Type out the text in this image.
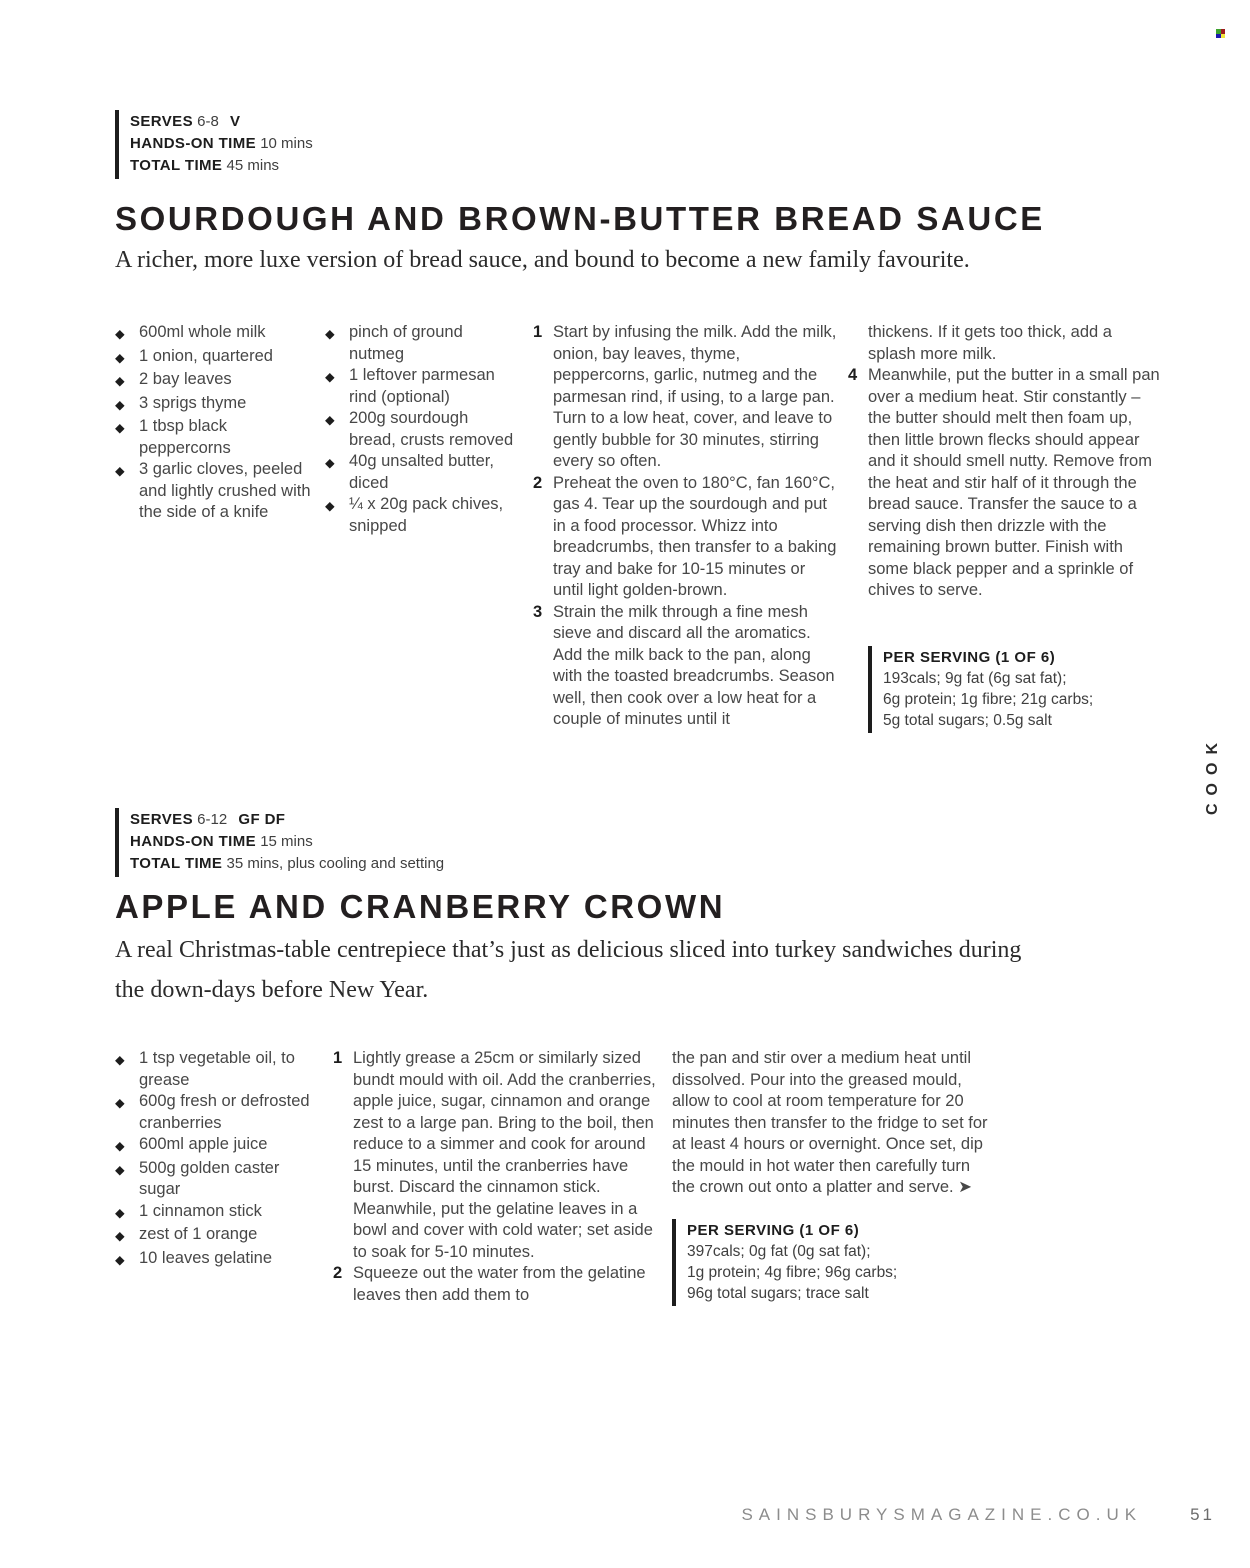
SERVES 6-8 V
HANDS-ON TIME 10 mins
TOTAL TIME 45 mins
SOURDOUGH AND BROWN-BUTTER BREAD SAUCE

A richer, more luxe version of bread sauce, and bound to become a new family favourite.

◆ 600ml whole milk
◆ 1 onion, quartered
◆ 2 bay leaves
◆ 3 sprigs thyme
◆ 1 tbsp black peppercorns
◆ 3 garlic cloves, peeled and lightly crushed with the side of a knife
◆ pinch of ground nutmeg
◆ 1 leftover parmesan rind (optional)
◆ 200g sourdough bread, crusts removed
◆ 40g unsalted butter, diced
◆ ¼ x 20g pack chives, snipped
1 Start by infusing the milk. Add the milk, onion, bay leaves, thyme, peppercorns, garlic, nutmeg and the parmesan rind, if using, to a large pan. Turn to a low heat, cover, and leave to gently bubble for 30 minutes, stirring every so often.
2 Preheat the oven to 180°C, fan 160°C, gas 4. Tear up the sourdough and put in a food processor. Whizz into breadcrumbs, then transfer to a baking tray and bake for 10-15 minutes or until light golden-brown.
3 Strain the milk through a fine mesh sieve and discard all the aromatics. Add the milk back to the pan, along with the toasted breadcrumbs. Season well, then cook over a low heat for a couple of minutes until it
thickens. If it gets too thick, add a splash more milk.
4 Meanwhile, put the butter in a small pan over a medium heat. Stir constantly – the butter should melt then foam up, then little brown flecks should appear and it should smell nutty. Remove from the heat and stir half of it through the bread sauce. Transfer the sauce to a serving dish then drizzle with the remaining brown butter. Finish with some black pepper and a sprinkle of chives to serve.
PER SERVING (1 OF 6)
193cals; 9g fat (6g sat fat);
6g protein; 1g fibre; 21g carbs;
5g total sugars; 0.5g salt
SERVES 6-12 GF DF
HANDS-ON TIME 15 mins
TOTAL TIME 35 mins, plus cooling and setting
APPLE AND CRANBERRY CROWN

A real Christmas-table centrepiece that’s just as delicious sliced into turkey sandwiches during the down-days before New Year.

◆ 1 tsp vegetable oil, to grease
◆ 600g fresh or defrosted cranberries
◆ 600ml apple juice
◆ 500g golden caster sugar
◆ 1 cinnamon stick
◆ zest of 1 orange
◆ 10 leaves gelatine
1 Lightly grease a 25cm or similarly sized bundt mould with oil. Add the cranberries, apple juice, sugar, cinnamon and orange zest to a large pan. Bring to the boil, then reduce to a simmer and cook for around 15 minutes, until the cranberries have burst. Discard the cinnamon stick. Meanwhile, put the gelatine leaves in a bowl and cover with cold water; set aside to soak for 5-10 minutes.
2 Squeeze out the water from the gelatine leaves then add them to

the pan and stir over a medium heat until dissolved. Pour into the greased mould, allow to cool at room temperature for 20 minutes then transfer to the fridge to set for at least 4 hours or overnight. Once set, dip the mould in hot water then carefully turn the crown out onto a platter and serve. ➤

PER SERVING (1 OF 6)
397cals; 0g fat (0g sat fat);
1g protein; 4g fibre; 96g carbs;
96g total sugars; trace salt
COOK
SAINSBURYSMAGAZINE.CO.UK	51
